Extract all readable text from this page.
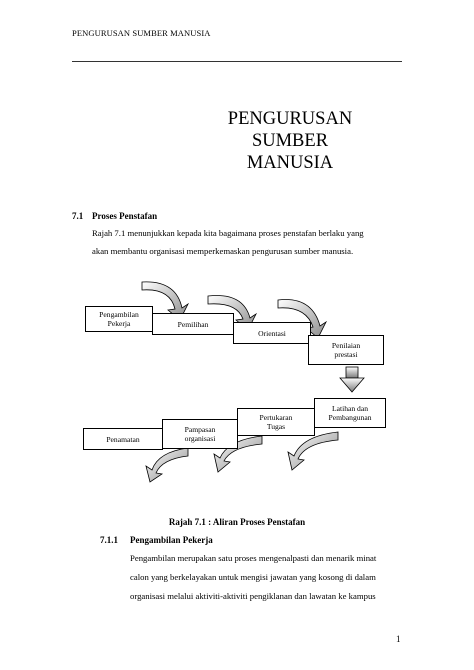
PENGURUSAN SUMBER MANUSIA
PENGURUSAN
SUMBER
MANUSIA
7.1 Proses Penstafan
Rajah 7.1 menunjukkan kepada kita bagaimana proses penstafan berlaku yang
akan membantu organisasi memperkemaskan pengurusan sumber manusia.
Pengambilan
Pekerja	Pemilihan
Orientasi
Penilaian
prestasi
Latihan dan
Pembangunan
Pertukaran
Tugas
Pampasan
organisasi
Penamatan
Rajah 7.1 : Aliran Proses Penstafan
7.1.1 Pengambilan Pekerja
Pengambilan merupakan satu proses mengenalpasti dan menarik minat
calon yang berkelayakan untuk mengisi jawatan yang kosong di dalam
organisasi melalui aktiviti-aktiviti pengiklanan dan lawatan ke kampus
1
